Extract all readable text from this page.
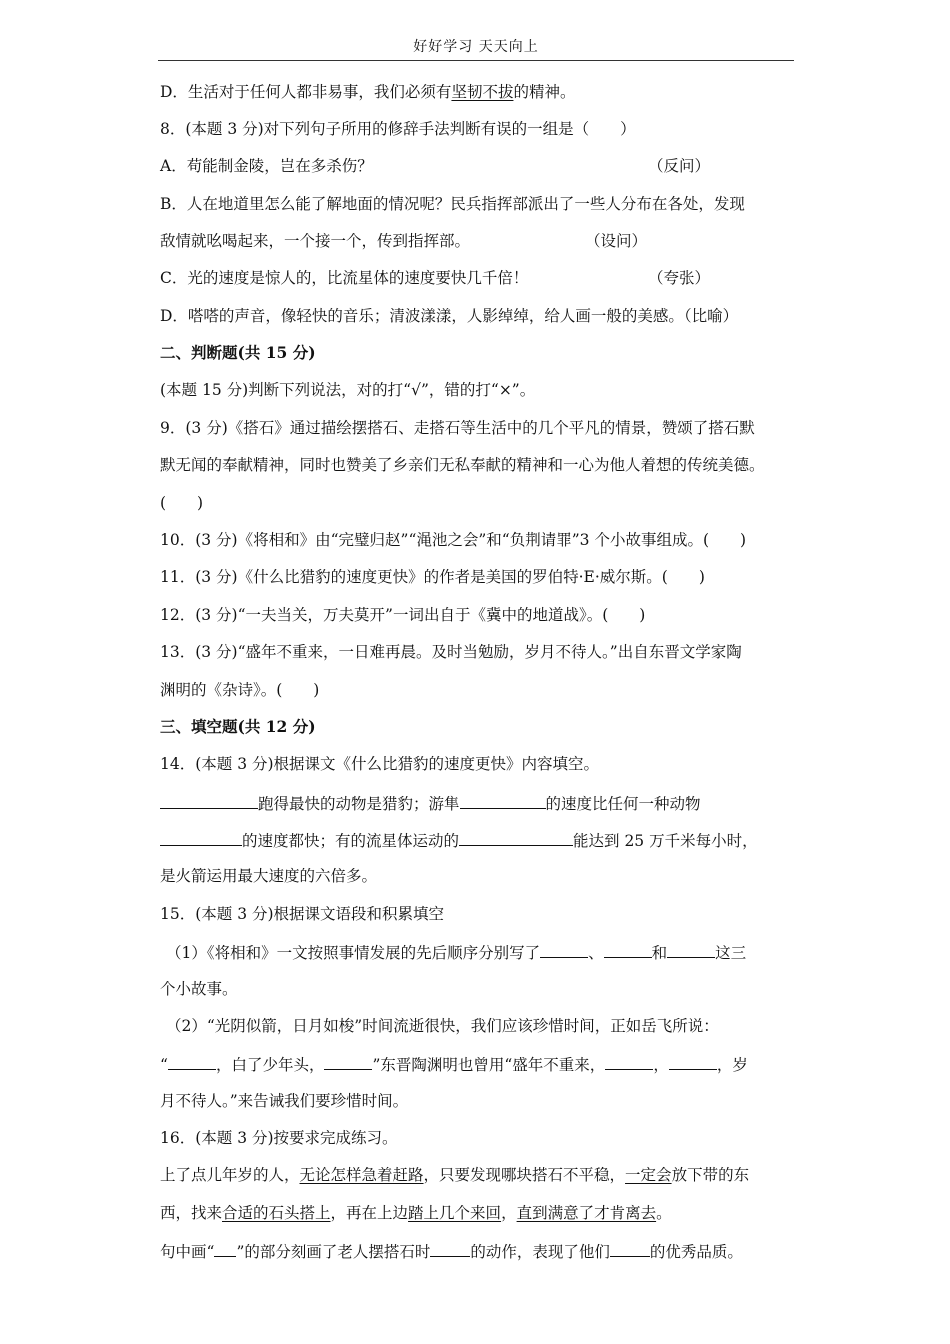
好好学习 天天向上
D．生活对于任何人都非易事，我们必须有坚韧不拔的精神。
8．(本题 3 分)对下列句子所用的修辞手法判断有误的一组是（　　）
A．苟能制金陵，岂在多杀伤？	（反问）
B．人在地道里怎么能了解地面的情况呢？民兵指挥部派出了一些人分布在各处，发现
敌情就吆喝起来，一个接一个，传到指挥部。	（设问）
C．光的速度是惊人的，比流星体的速度要快几千倍！	（夸张）
D．嗒嗒的声音，像轻快的音乐；清波漾漾，人影绰绰，给人画一般的美感。（比喻）
二、判断题(共 15 分)
(本题 15 分)判断下列说法，对的打“√”，错的打“×”。
9．(3 分)《搭石》通过描绘摆搭石、走搭石等生活中的几个平凡的情景，赞颂了搭石默
默无闻的奉献精神，同时也赞美了乡亲们无私奉献的精神和一心为他人着想的传统美德。
(　　)
10．(3 分)《将相和》由“完璧归赵”“渑池之会”和“负荆请罪”3 个小故事组成。(　　)
11．(3 分)《什么比猎豹的速度更快》的作者是美国的罗伯特·E·威尔斯。(　　)
12．(3 分)“一夫当关，万夫莫开”一词出自于《冀中的地道战》。(　　)
13．(3 分)“盛年不重来，一日难再晨。及时当勉励，岁月不待人。”出自东晋文学家陶
渊明的《杂诗》。(　　)
三、填空题(共 12 分)
14．(本题 3 分)根据课文《什么比猎豹的速度更快》内容填空。
跑得最快的动物是猎豹；游隼	的速度比任何一种动物
的速度都快；有的流星体运动的	能达到 25 万千米每小时，
是火箭运用最大速度的六倍多。
15．(本题 3 分)根据课文语段和积累填空
（1）《将相和》一文按照事情发展的先后顺序分别写了	、	和	这三
个小故事。
（2）“光阴似箭，日月如梭”时间流逝很快，我们应该珍惜时间，正如岳飞所说：
“	，白了少年头，	”东晋陶渊明也曾用“盛年不重来，	，	，岁
月不待人。”来告诫我们要珍惜时间。
16．(本题 3 分)按要求完成练习。
上了点儿年岁的人，无论怎样急着赶路，只要发现哪块搭石不平稳，一定会放下带的东
西，找来合适的石头搭上，再在上边踏上几个来回，直到满意了才肯离去。
句中画“ ”的部分刻画了老人摆搭石时	的动作，表现了他们	的优秀品质。
